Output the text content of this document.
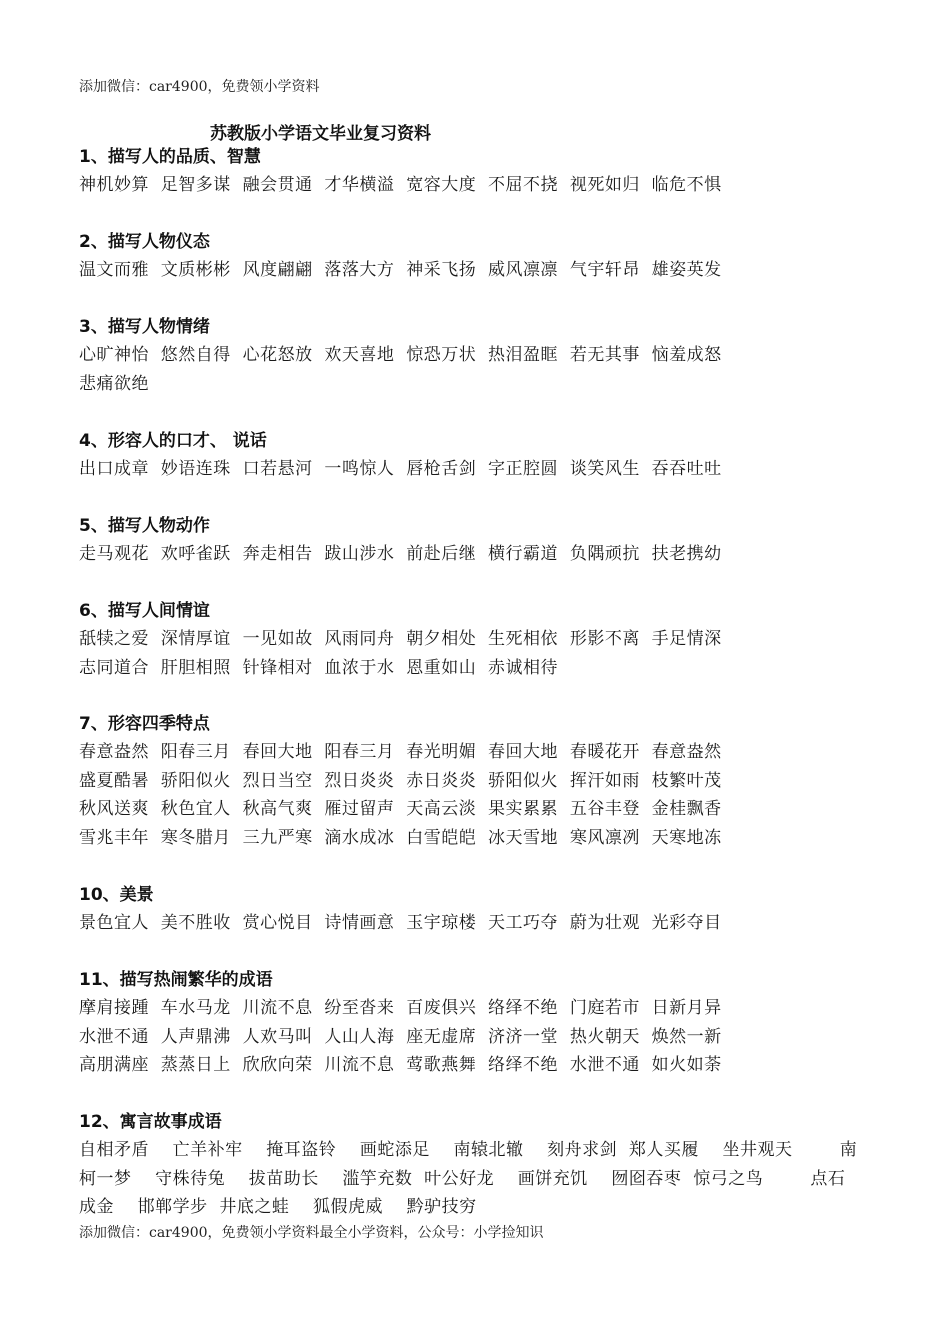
添加微信：car4900，免费领小学资料
苏教版小学语文毕业复习资料
1、描写人的品质、智慧
神机妙算  足智多谋  融会贯通  才华横溢  宽容大度  不屈不挠  视死如归  临危不惧
2、描写人物仪态
温文而雅  文质彬彬  风度翩翩  落落大方  神采飞扬  威风凛凛  气宇轩昂  雄姿英发
3、描写人物情绪
心旷神怡  悠然自得  心花怒放  欢天喜地  惊恐万状  热泪盈眶  若无其事  恼羞成怒
悲痛欲绝
4、形容人的口才、 说话
出口成章  妙语连珠  口若悬河  一鸣惊人  唇枪舌剑  字正腔圆  谈笑风生  吞吞吐吐
5、描写人物动作
走马观花  欢呼雀跃  奔走相告  跋山涉水  前赴后继  横行霸道  负隅顽抗  扶老携幼
6、描写人间情谊
舐犊之爱  深情厚谊  一见如故  风雨同舟  朝夕相处  生死相依  形影不离  手足情深
志同道合  肝胆相照  针锋相对  血浓于水  恩重如山  赤诚相待
7、形容四季特点
春意盎然  阳春三月  春回大地  阳春三月  春光明媚  春回大地  春暖花开  春意盎然
盛夏酷暑  骄阳似火  烈日当空  烈日炎炎  赤日炎炎  骄阳似火  挥汗如雨  枝繁叶茂
秋风送爽  秋色宜人  秋高气爽  雁过留声  天高云淡  果实累累  五谷丰登  金桂飘香
雪兆丰年  寒冬腊月  三九严寒  滴水成冰  白雪皑皑  冰天雪地  寒风凛冽  天寒地冻
10、美景
景色宜人  美不胜收  赏心悦目  诗情画意  玉宇琼楼  天工巧夺  蔚为壮观  光彩夺目
11、描写热闹繁华的成语
摩肩接踵  车水马龙  川流不息  纷至沓来  百废俱兴  络绎不绝  门庭若市  日新月异
水泄不通  人声鼎沸  人欢马叫  人山人海  座无虚席  济济一堂  热火朝天  焕然一新
高朋满座  蒸蒸日上  欣欣向荣  川流不息  莺歌燕舞  络绎不绝  水泄不通  如火如荼
12、寓言故事成语
自相矛盾    亡羊补牢    掩耳盗铃    画蛇添足    南辕北辙    刻舟求剑  郑人买履    坐井观天        南
柯一梦    守株待兔    拔苗助长    滥竽充数  叶公好龙    画饼充饥    囫囵吞枣  惊弓之鸟        点石
成金    邯郸学步  井底之蛙    狐假虎威    黔驴技穷
添加微信：car4900，免费领小学资料最全小学资料，公众号：小学捡知识
